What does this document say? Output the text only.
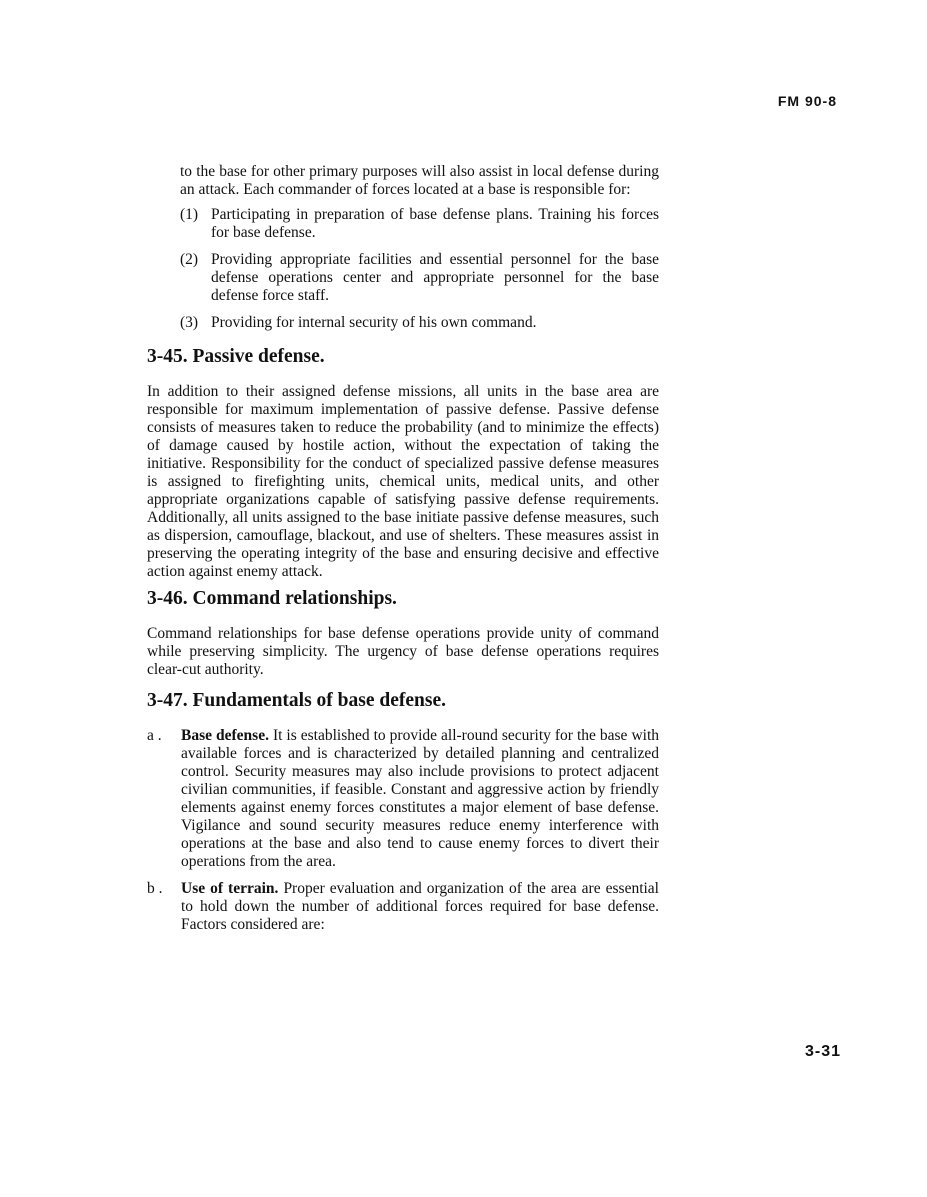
FM 90-8

to the base for other primary purposes will also assist in local defense during an attack. Each commander of forces located at a base is responsible for:

(1) Participating in preparation of base defense plans. Training his forces for base defense.
(2) Providing appropriate facilities and essential personnel for the base defense operations center and appropriate personnel for the base defense force staff.
(3) Providing for internal security of his own command.
3-45. Passive defense.

In addition to their assigned defense missions, all units in the base area are responsible for maximum implementation of passive defense. Passive defense consists of measures taken to reduce the probability (and to minimize the effects) of damage caused by hostile action, without the expectation of taking the initiative. Responsibility for the conduct of specialized passive defense measures is assigned to firefighting units, chemical units, medical units, and other appropriate organizations capable of satisfying passive defense requirements. Additionally, all units assigned to the base initiate passive defense measures, such as dispersion, camouflage, blackout, and use of shelters. These measures assist in preserving the operating integrity of the base and ensuring decisive and effective action against enemy attack.

3-46. Command relationships.

Command relationships for base defense operations provide unity of command while preserving simplicity. The urgency of base defense operations requires clear-cut authority.

3-47. Fundamentals of base defense.
a .	Base defense. It is established to provide all-round security for the base with available forces and is characterized by detailed planning and centralized control. Security measures may also include provisions to protect adjacent civilian communities, if feasible. Constant and aggressive action by friendly elements against enemy forces constitutes a major element of base defense. Vigilance and sound security measures reduce enemy interference with operations at the base and also tend to cause enemy forces to divert their operations from the area.
b .	Use of terrain. Proper evaluation and organization of the area are essential to hold down the number of additional forces required for base defense. Factors considered are:
3-31
